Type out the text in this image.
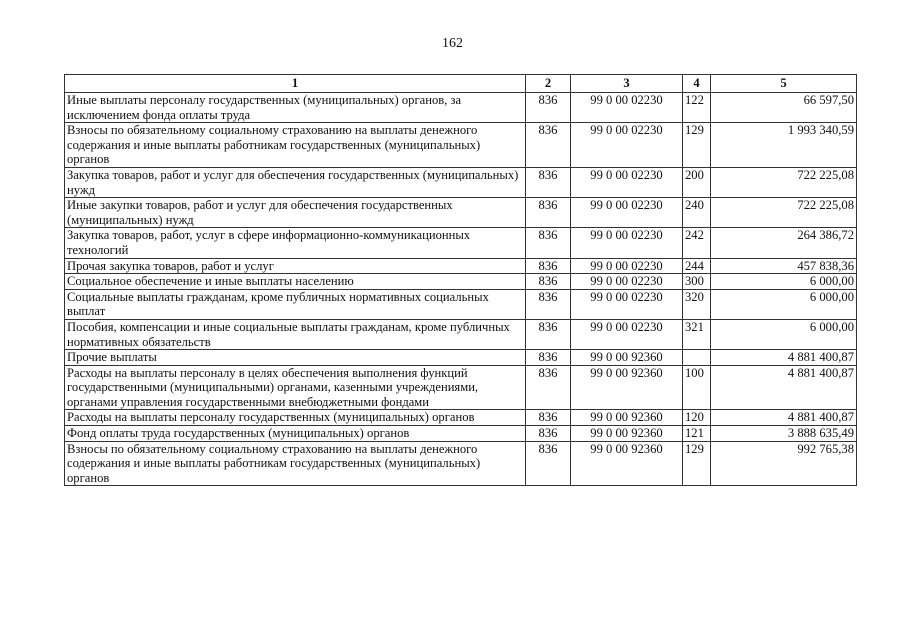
162
1	2	3	4	5
Иные выплаты персоналу государственных (муниципальных) органов, за исключением фонда оплаты труда	836	99 0 00 02230	122	66 597,50
Взносы по обязательному социальному страхованию на выплаты денежного содержания и иные выплаты работникам государственных (муниципальных) органов	836	99 0 00 02230	129	1 993 340,59
Закупка товаров, работ и услуг для обеспечения государственных (муниципальных) нужд	836	99 0 00 02230	200	722 225,08
Иные закупки товаров, работ и услуг для обеспечения государственных (муниципальных) нужд	836	99 0 00 02230	240	722 225,08
Закупка товаров, работ, услуг в сфере информационно-коммуникационных технологий	836	99 0 00 02230	242	264 386,72
Прочая закупка товаров, работ и услуг	836	99 0 00 02230	244	457 838,36
Социальное обеспечение и иные выплаты населению	836	99 0 00 02230	300	6 000,00
Социальные выплаты гражданам, кроме публичных нормативных социальных выплат	836	99 0 00 02230	320	6 000,00
Пособия, компенсации и иные социальные выплаты гражданам, кроме публичных нормативных обязательств	836	99 0 00 02230	321	6 000,00
Прочие выплаты	836	99 0 00 92360		4 881 400,87
Расходы на выплаты персоналу в целях обеспечения выполнения функций государственными (муниципальными) органами, казенными учреждениями, органами управления государственными внебюджетными фондами	836	99 0 00 92360	100	4 881 400,87
Расходы на выплаты персоналу государственных (муниципальных) органов	836	99 0 00 92360	120	4 881 400,87
Фонд оплаты труда государственных (муниципальных) органов	836	99 0 00 92360	121	3 888 635,49
Взносы по обязательному социальному страхованию на выплаты денежного содержания и иные выплаты работникам государственных (муниципальных) органов	836	99 0 00 92360	129	992 765,38
